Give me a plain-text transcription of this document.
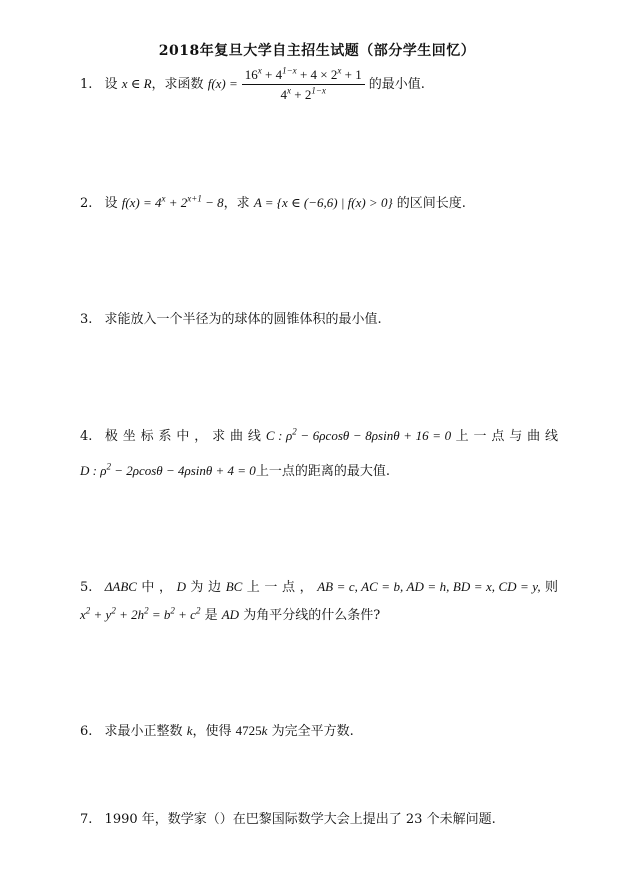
2018年复旦大学自主招生试题（部分学生回忆）
1. 设 x ∈ R，求函数 $f(x) = \frac{16^x + 4^{1-x} + 4 \times 2^x + 1}{4^x + 2^{1-x}}$ 的最小值.
2. 设 $f(x) = 4^x + 2^{x+1} - 8$，求 A = {x ∈ (−6,6) | f(x) > 0} 的区间长度.
3. 求能放入一个半径为的球体的圆锥体积的最小值.
4. 极 坐 标 系 中 ， 求 曲 线 C : $\rho^2 - 6\rho\cos\theta - 8\rho\sin\theta + 16 = 0$ 上 一 点 与 曲 线
D : $\rho^2 - 2\rho\cos\theta - 4\rho\sin\theta + 4 = 0$上一点的距离的最大值.
5. ΔABC 中 ， D 为 边 BC 上 一 点 ， AB = c, AC = b, AD = h, BD = x, CD = y, 则
$x^2 + y^2 + 2h^2 = b^2 + c^2$ 是 AD 为角平分线的什么条件?
6. 求最小正整数 k，使得 4725k 为完全平方数.
7. 1990 年，数学家（）在巴黎国际数学大会上提出了 23 个未解问题.
